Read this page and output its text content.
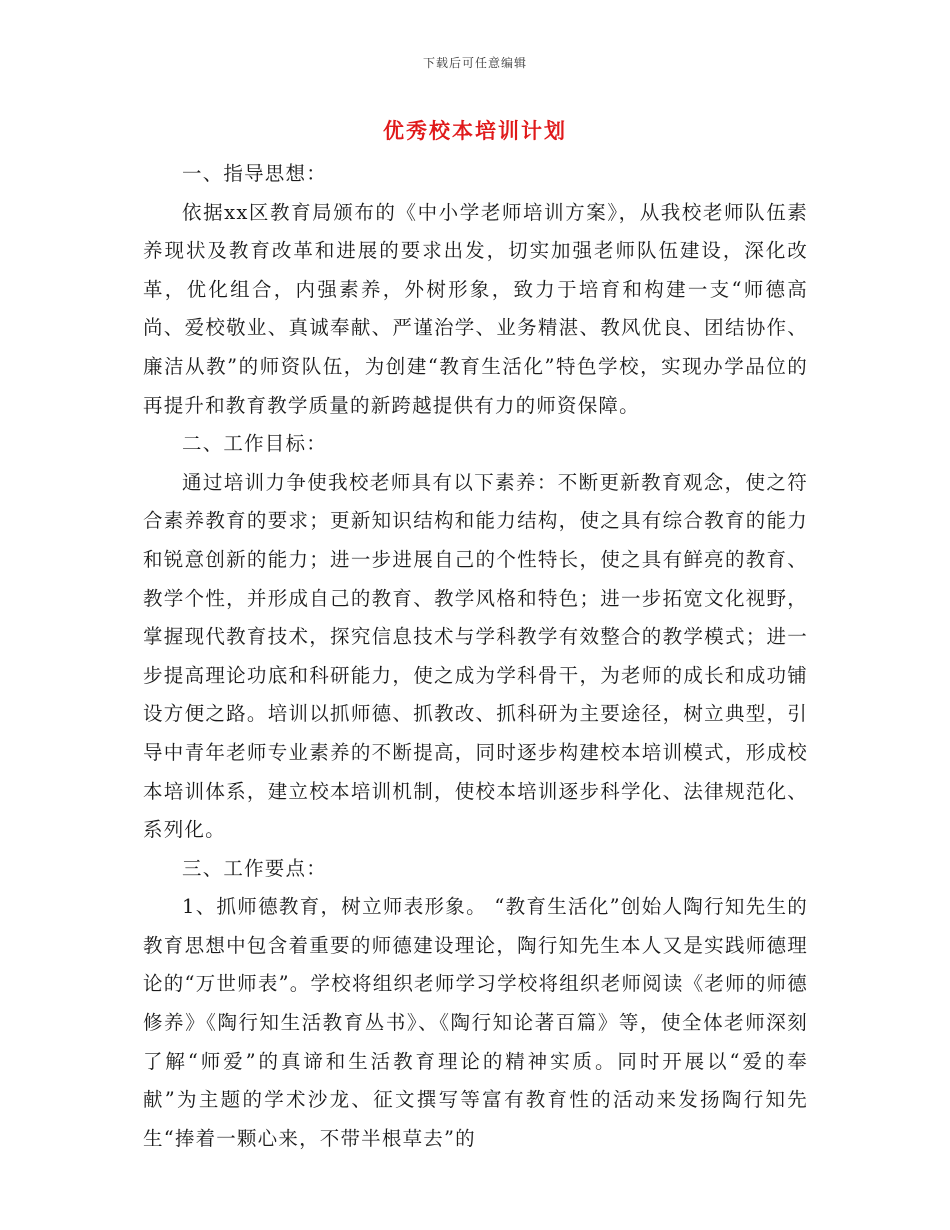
下载后可任意编辑
优秀校本培训计划

一、指导思想：

依据xx区教育局颁布的《中小学老师培训方案》，从我校老师队伍素养现状及教育改革和进展的要求出发，切实加强老师队伍建设，深化改革，优化组合，内强素养，外树形象，致力于培育和构建一支“师德高尚、爱校敬业、真诚奉献、严谨治学、业务精湛、教风优良、团结协作、廉洁从教”的师资队伍，为创建“教育生活化”特色学校，实现办学品位的再提升和教育教学质量的新跨越提供有力的师资保障。

二、工作目标：

通过培训力争使我校老师具有以下素养：不断更新教育观念，使之符合素养教育的要求；更新知识结构和能力结构，使之具有综合教育的能力和锐意创新的能力；进一步进展自己的个性特长，使之具有鲜亮的教育、教学个性，并形成自己的教育、教学风格和特色；进一步拓宽文化视野，掌握现代教育技术，探究信息技术与学科教学有效整合的教学模式；进一步提高理论功底和科研能力，使之成为学科骨干，为老师的成长和成功铺设方便之路。培训以抓师德、抓教改、抓科研为主要途径，树立典型，引导中青年老师专业素养的不断提高，同时逐步构建校本培训模式，形成校本培训体系，建立校本培训机制，使校本培训逐步科学化、法律规范化、系列化。

三、工作要点：

1、抓师德教育，树立师表形象。 “教育生活化”创始人陶行知先生的教育思想中包含着重要的师德建设理论，陶行知先生本人又是实践师德理论的“万世师表”。学校将组织老师学习学校将组织老师阅读《老师的师德修养》《陶行知生活教育丛书》、《陶行知论著百篇》等，使全体老师深刻了解“师爱”的真谛和生活教育理论的精神实质。同时开展以“爱的奉献”为主题的学术沙龙、征文撰写等富有教育性的活动来发扬陶行知先生“捧着一颗心来，不带半根草去”的
